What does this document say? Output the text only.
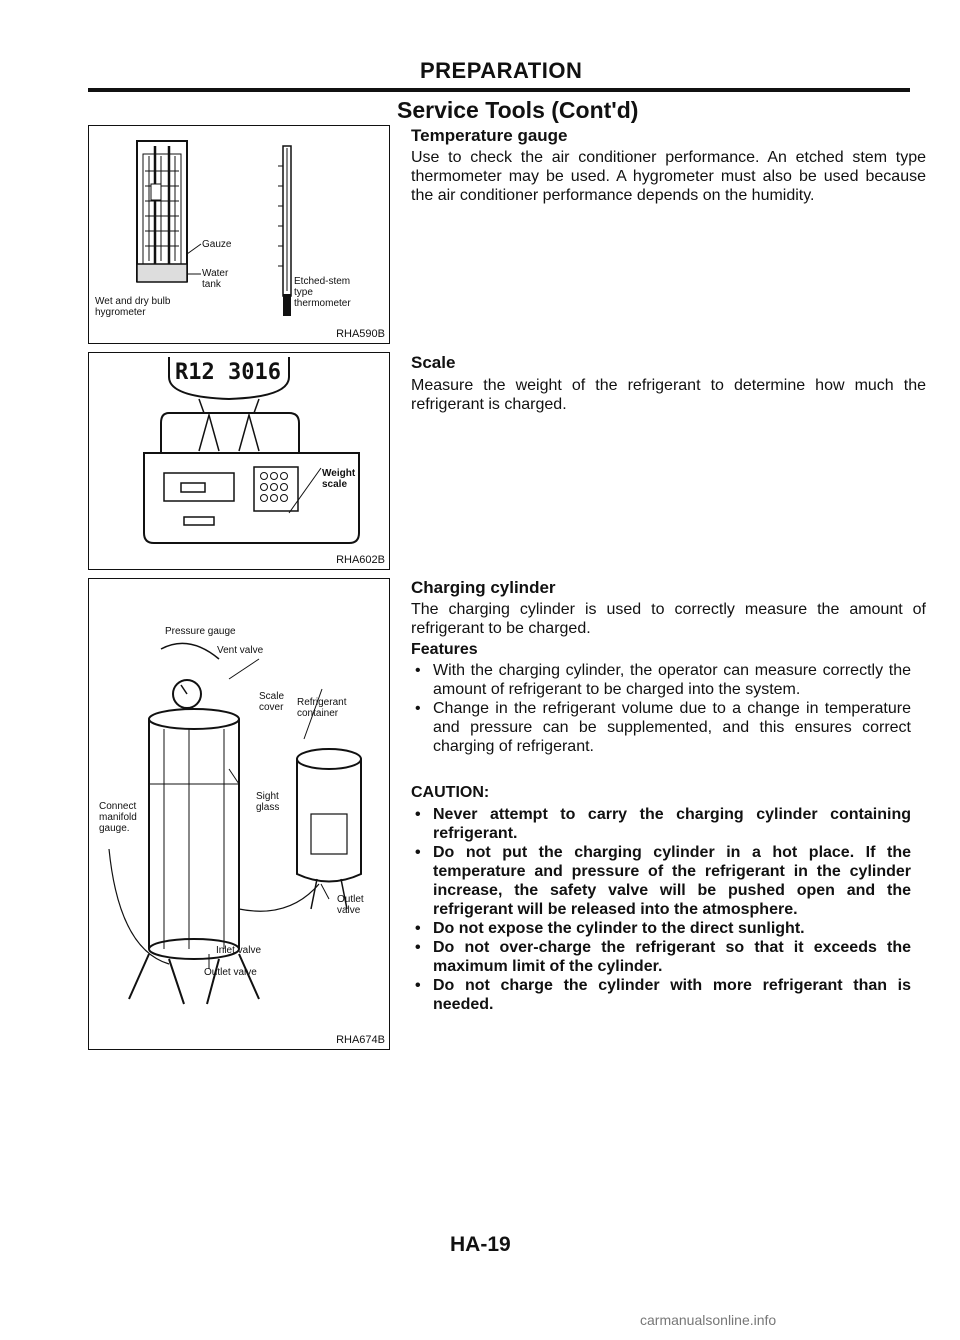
PREPARATION
Service Tools (Cont'd)
Gauze
Water
tank
Wet and dry bulb
hygrometer
Etched-stem
type
thermometer
RHA590B
R12 3016
Weight
scale
RHA602B
Pressure gauge
Vent valve
Scale
cover Refrigerant
container
Sight
glass
Connect
manifold
gauge.
Outlet
valve
Inlet valve
Outlet valve
RHA674B
Temperature gauge
Use to check the air conditioner performance. An etched stem type thermometer may be used. A hygrometer must also be used because the air conditioner performance depends on the humidity.
Scale
Measure the weight of the refrigerant to determine how much the refrigerant is charged.
Charging cylinder
The charging cylinder is used to correctly measure the amount of refrigerant to be charged.
Features
• With the charging cylinder, the operator can measure correctly the amount of refrigerant to be charged into the system.
• Change in the refrigerant volume due to a change in temperature and pressure can be supplemented, and this ensures correct charging of refrigerant.
CAUTION:
• Never attempt to carry the charging cylinder containing refrigerant.
• Do not put the charging cylinder in a hot place. If the temperature and pressure of the refrigerant in the cylinder increase, the safety valve will be pushed open and the refrigerant will be released into the atmosphere.
• Do not expose the cylinder to the direct sunlight.
• Do not over-charge the refrigerant so that it exceeds the maximum limit of the cylinder.
• Do not charge the cylinder with more refrigerant than is needed.
HA-19
carmanualsonline.info
